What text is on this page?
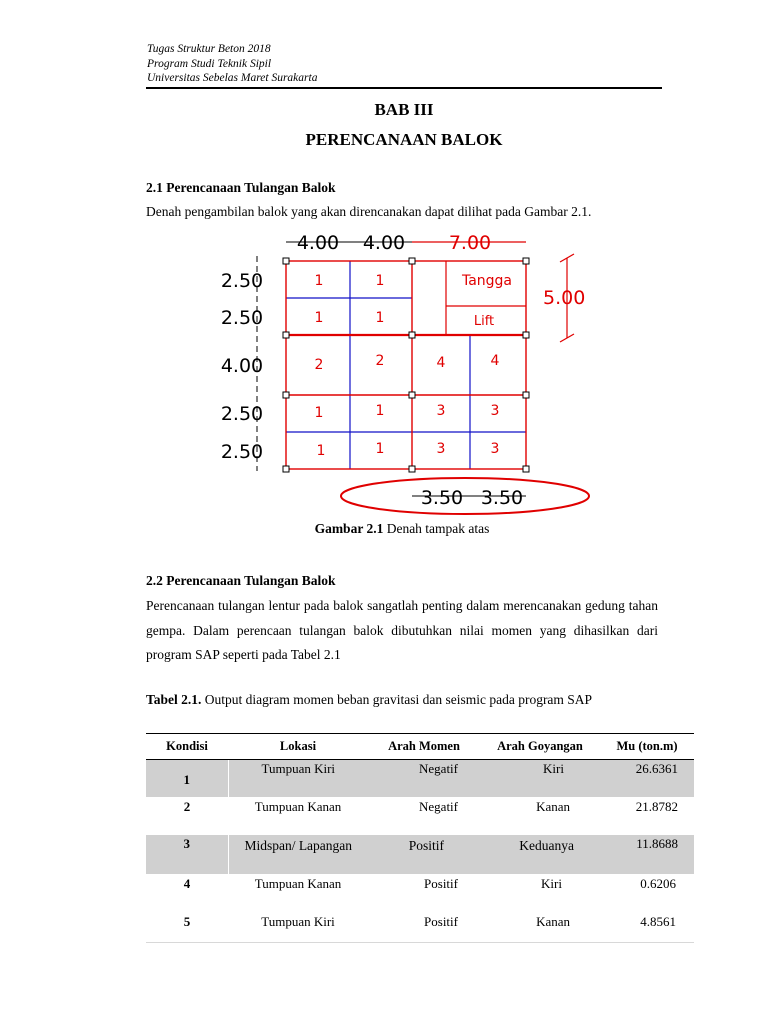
Tugas Struktur Beton 2018
Program Studi Teknik Sipil
Universitas Sebelas Maret Surakarta
BAB III
PERENCANAAN BALOK
2.1 Perencanaan Tulangan Balok
Denah pengambilan balok yang akan direncanakan dapat dilihat pada Gambar 2.1.
1	1
1	1
2	2	4	4
1	1	3	3
1	1	3	3
Tangga
Lift
4.00 4.00 7.00
2.50
2.50
4.00
2.50
2.50
5.00
3.50 3.50
Gambar 2.1 Denah tampak atas
2.2 Perencanaan Tulangan Balok
Perencanaan tulangan lentur pada balok sangatlah penting dalam merencanakan gedung tahan gempa. Dalam perencaan tulangan balok dibutuhkan nilai momen yang dihasilkan dari program SAP seperti pada Tabel 2.1
Tabel 2.1. Output diagram momen beban gravitasi dan seismic pada program SAP
Kondisi	Lokasi	Arah Momen	Arah Goyangan	Mu (ton.m)
1	Tumpuan Kiri	Negatif	Kiri	26.6361
2	Tumpuan Kanan	Negatif	Kanan	21.8782
3	Midspan/ Lapangan	Positif	Keduanya	11.8688
4	Tumpuan Kanan	Positif	Kiri	0.6206
5	Tumpuan Kiri	Positif	Kanan	4.8561
